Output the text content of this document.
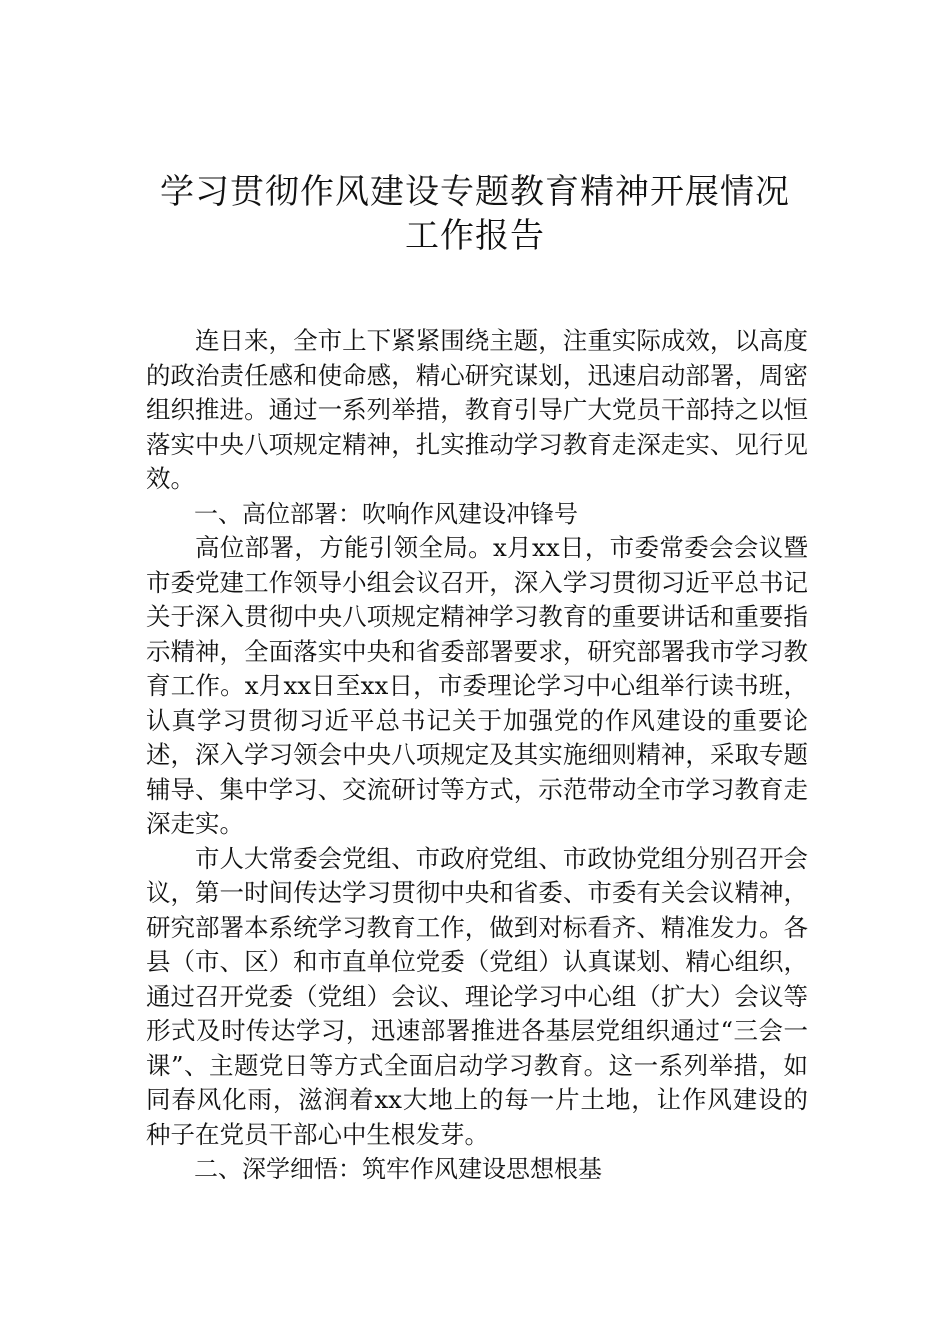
学习贯彻作风建设专题教育精神开展情况
工作报告

连日来，全市上下紧紧围绕主题，注重实际成效，以高度的政治责任感和使命感，精心研究谋划，迅速启动部署，周密组织推进。通过一系列举措，教育引导广大党员干部持之以恒落实中央八项规定精神，扎实推动学习教育走深走实、见行见效。

一、高位部署：吹响作风建设冲锋号

高位部署，方能引领全局。x月xx日，市委常委会会议暨市委党建工作领导小组会议召开，深入学习贯彻习近平总书记关于深入贯彻中央八项规定精神学习教育的重要讲话和重要指示精神，全面落实中央和省委部署要求，研究部署我市学习教育工作。x月xx日至xx日，市委理论学习中心组举行读书班，认真学习贯彻习近平总书记关于加强党的作风建设的重要论述，深入学习领会中央八项规定及其实施细则精神，采取专题辅导、集中学习、交流研讨等方式，示范带动全市学习教育走深走实。

市人大常委会党组、市政府党组、市政协党组分别召开会议，第一时间传达学习贯彻中央和省委、市委有关会议精神，研究部署本系统学习教育工作，做到对标看齐、精准发力。各县（市、区）和市直单位党委（党组）认真谋划、精心组织，通过召开党委（党组）会议、理论学习中心组（扩大）会议等形式及时传达学习，迅速部署推进各基层党组织通过“三会一课”、主题党日等方式全面启动学习教育。这一系列举措，如同春风化雨，滋润着xx大地上的每一片土地，让作风建设的种子在党员干部心中生根发芽。

二、深学细悟：筑牢作风建设思想根基
